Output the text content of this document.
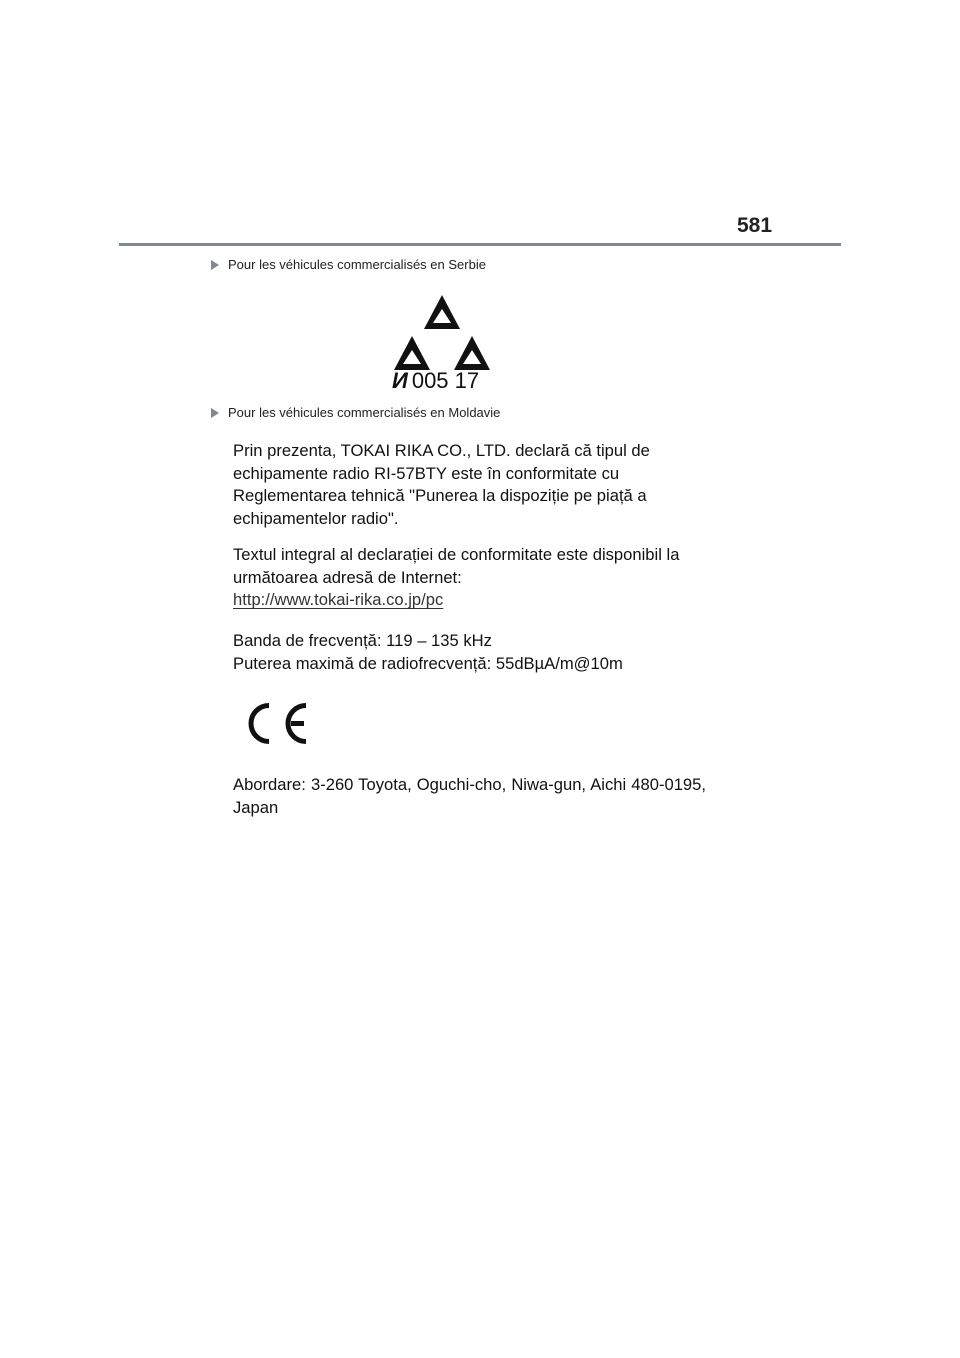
581
Pour les véhicules commercialisés en Serbie
И 005 17
Pour les véhicules commercialisés en Moldavie

Prin prezenta, TOKAI RIKA CO., LTD. declară că tipul de

echipamente radio RI-57BTY este în conformitate cu

Reglementarea tehnică "Punerea la dispoziție pe piață a

echipamentelor radio".

Textul integral al declarației de conformitate este disponibil la

următoarea adresă de Internet:

http://www.tokai-rika.co.jp/pc

Banda de frecvență: 119 – 135 kHz

Puterea maximă de radiofrecvență: 55dBµA/m@10m

Abordare: 3-260 Toyota, Oguchi-cho, Niwa-gun, Aichi 480-0195, Japan
